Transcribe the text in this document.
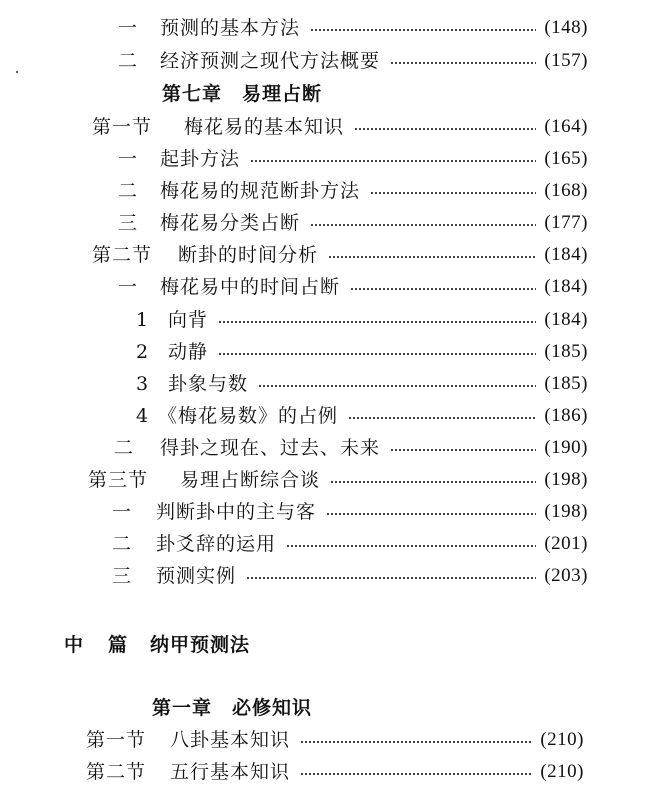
一	预测的基本方法	(148)
二	经济预测之现代方法概要	(157)
第七章 易理占断
第一节	梅花易的基本知识	(164)
一	起卦方法	(165)
二	梅花易的规范断卦方法	(168)
三	梅花易分类占断	(177)
第二节	断卦的时间分析	(184)
一	梅花易中的时间占断	(184)
1 向背	(184)
2 动静	(185)
3 卦象与数	(185)
4 《梅花易数》的占例	(186)
二	得卦之现在、过去、未来	(190)
第三节	易理占断综合谈	(198)
一	判断卦中的主与客	(198)
二	卦爻辞的运用	(201)
三	预测实例	(203)
中 篇 纳甲预测法
第一章 必修知识
第一节	八卦基本知识	(210)
第二节	五行基本知识	(210)
